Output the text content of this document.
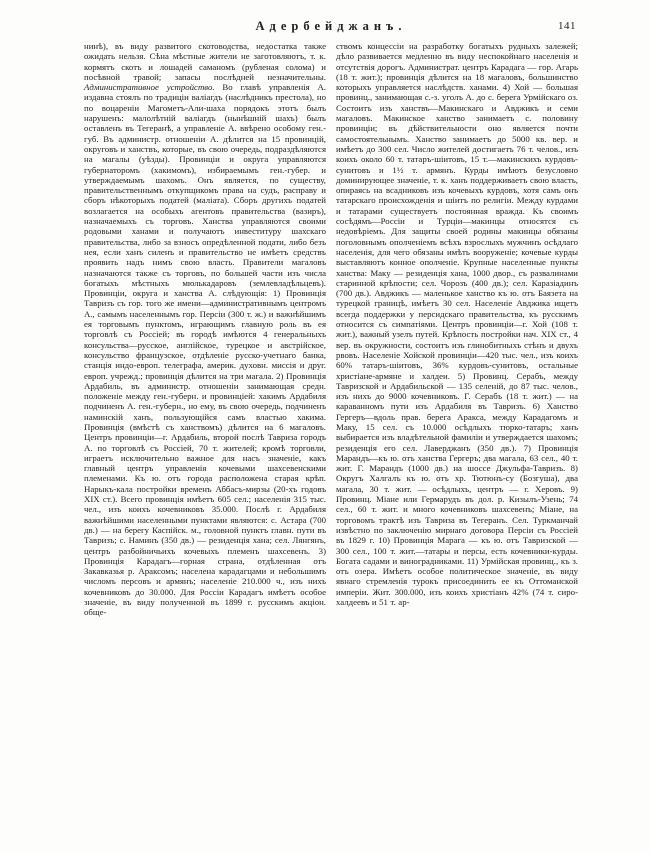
Адербейджанъ.	141
нинѣ), въ виду развитого скотоводства, недостатка также ожидать нельзя. Сѣна мѣстные жители не заготовляютъ, т. к. кормятъ скотъ и лошадей саманомъ (рубленая солома) и посѣвной травой; запасы послѣдней незначительны. Административное устройство. Во главѣ управленія А. издавна стоялъ по традиціи валіагдъ (наслѣдникъ престола), но по воцареніи Магометъ-Али-шаха порядокъ этотъ былъ нарушенъ: малолѣтній валіагдъ (нынѣшній шахъ) былъ оставленъ въ Тегеранѣ, а управленіе А. ввѣрено особому ген.-губ. Въ администр. отношеніи А. дѣлится на 15 провинцій, округовъ и ханствъ, которые, въ свою очередь, подраздѣляются на магалы (уѣзды). Провинціи и округа управляются губернаторомъ (хакимомъ), избираемымъ ген.-губер. и утверждаемымъ шахомъ. Онъ является, по существу, правительственнымъ откупщикомъ права на судъ, расправу и сборъ нѣкоторыхъ податей (маліата). Сборъ другихъ податей возлагается на особыхъ агентовъ правительства (вазиръ), назначаемыхъ съ торговъ. Ханства управляются своими родовыми ханами и получаютъ инвеституру шахскаго правительства, либо за взносъ опредѣленной подати, либо безъ нея, если ханъ силенъ и правительство не имѣетъ средствъ проявить надъ нимъ свою власть. Правители магаловъ назначаются также съ торговъ, по большей части изъ числа богатыхъ мѣстныхъ мюлькадаровъ (землевладѣльцевъ). Провинціи, округа и ханства А. слѣдующія: 1) Провинція Тавризъ съ гор. того же имени—административнымъ центромъ А., самымъ населеннымъ гор. Персіи (300 т. ж.) и важнѣйшимъ ея торговымъ пунктомъ, играющимъ главную роль въ ея торговлѣ съ Россіей; въ городѣ имѣются 4 генеральныхъ консульства—русское, англійское, турецкое и австрійское, консульство французское, отдѣленіе русско-учетнаго банка, станція индо-европ. телеграфа, америк. духовн. миссія и друг. европ. учрежд.; провинція дѣлится на три магала. 2) Провинція Ардабиль, въ администр. отношеніи занимающая средн. положеніе между ген.-губерн. и провинціей: хакимъ Ардабиля подчиненъ А. ген.-губерн., но ему, въ свою очередь, подчиненъ наминскій ханъ, пользующійся самъ властью хакима. Провинція (вмѣстѣ съ ханствомъ) дѣлится на 6 магаловъ. Центръ провинціи—г. Ардабиль, второй послѣ Тавриза городъ А. по торговлѣ съ Россіей, 70 т. жителей; кромѣ торговли, играетъ исключительно важное для насъ значеніе, какъ главный центръ управленія кочевыми шахсевенскими племенами. Къ ю. отъ города расположена старая крѣп. Нарыкъ-кала постройки временъ Аббасъ-мирзы (20-хъ годовъ XIX ст.). Всего провинція имѣетъ 605 сел.; населенія 315 тыс. чел., изъ коихъ кочевниковъ 35.000. Послѣ г. Ардабиля важнѣйшими населенными пунктами являются: с. Астара (700 дв.) — на берегу Каспійск. м., головной пунктъ главн. пути въ Тавризъ; с. Наминъ (350 дв.) — резиденція хана; сел. Лянгянъ, центръ разбойничьихъ кочевыхъ племенъ шахсевенъ. 3) Провинція Карадагъ—горная страна, отдѣленная отъ Закавказья р. Араксомъ; населена карадагцами и небольшимъ числомъ персовъ и армянъ; населеніе 210.000 ч., изъ нихъ кочевниковъ до 30.000. Для Россіи Карадагъ имѣетъ особое значеніе, въ виду полученной въ 1899 г. русскимъ акціон. обще-
ствомъ концессіи на разработку богатыхъ рудныхъ залежей; дѣло развивается медленно въ виду неспокойнаго населенія и отсутствія дорогъ. Администрат. центръ Карадага — гор. Агарь (18 т. жит.); провинція дѣлится на 18 магаловъ, большинство которыхъ управляется наслѣдств. ханами. 4) Хой — большая провинц., занимающая с.-з. уголъ А. до с. берега Урмійскаго оз. Состоитъ изъ ханствъ—Макинскаго и Авджикъ и семи магаловъ. Макинское ханство занимаетъ с. половину провинціи; въ дѣйствительности оно является почти самостоятельнымъ. Ханство занимаетъ до 5000 кв. вер. и имѣетъ до 300 сел. Число жителей достигаетъ 76 т. челов., изъ коихъ около 60 т. татаръ-шіитовъ, 15 т.—макинскихъ курдовъ-сунитовъ и 1½ т. армянъ. Курды имѣютъ безусловно доминирующее значеніе, т. к. ханъ поддерживаетъ свою власть, опираясь на всадниковъ изъ кочевыхъ курдовъ, хотя самъ онъ татарскаго происхожденія и шіитъ по религіи. Между курдами и татарами существуетъ постоянная вражда. Къ своимъ сосѣдямъ—Россіи и Турціи—макинцы относятся съ недовѣріемъ. Для защиты своей родины макинцы обязаны поголовнымъ ополченіемъ всѣхъ взрослыхъ мужчинъ осѣдлаго населенія, для чего обязаны имѣть вооруженіе; кочевые курды выставляютъ конное ополченіе. Крупные населенные пункты ханства: Маку — резиденція хана, 1000 двор., съ развалинами старинной крѣпости; сел. Чорозъ (400 дв.); сел. Каразіадинъ (700 дв.). Авджикъ — маленькое ханство къ ю. отъ Баязета на турецкой границѣ, имѣетъ 30 сел. Населеніе Авджика ищетъ всегда поддержки у персидскаго правительства, къ русскимъ относится съ симпатіями. Центръ провинціи—г. Хой (108 т. жит.), важный узелъ путей. Крѣпость постройки нач. XIX ст., 4 вер. въ окружности, состоитъ изъ глинобитныхъ стѣнъ и двухъ рвовъ. Населеніе Хойской провинціи—420 тыс. чел., изъ коихъ 60% татаръ-шіитовъ, 36% курдовъ-сунитовъ, остальные христіане-армяне и халдеи. 5) Провинц. Серабъ, между Тавризской и Ардабильской — 135 селеній, до 87 тыс. челов., изъ нихъ до 9000 кочевниковъ. Г. Серабъ (18 т. жит.) — на караванномъ пути изъ Ардабиля въ Тавризъ. 6) Ханство Гергеръ—вдоль прав. берега Аракса, между Карадагомъ и Маку, 15 сел. съ 10.000 осѣдлыхъ тюрко-татаръ; ханъ выбирается изъ владѣтельной фамиліи и утверждается шахомъ; резиденція его сел. Лаверджанъ (350 дв.). 7) Провинція Марандъ—къ ю. отъ ханства Гергеръ; два магала, 63 сел., 40 т. жит. Г. Марандъ (1000 дв.) на шоссе Джульфа-Тавризъ. 8) Округъ Халгалъ къ ю. отъ хр. Тютюнъ-су (Бозгуша), два магала, 30 т. жит. — осѣдлыхъ, центръ — г. Херовъ. 9) Провинц. Міане или Гермарудъ въ дол. р. Кизылъ-Узень; 74 сел., 60 т. жит. и много кочевниковъ шахсевенъ; Міане, на торговомъ трактѣ изъ Тавриза въ Тегеранъ. Сел. Туркманчай извѣстно по заключенію мирнаго договора Персіи съ Россіей въ 1829 г. 10) Провинція Марага — къ ю. отъ Тавризской — 300 сел., 100 т. жит.—татары и персы, есть кочевники-курды. Богата садами и виноградниками. 11) Урмійская провинц., къ з. отъ озера. Имѣетъ особое политическое значеніе, въ виду явнаго стремленія турокъ присоединить ее къ Оттоманской имперіи. Жит. 300.000, изъ коихъ христіанъ 42% (74 т. сиро-халдеевъ и 51 т. ар-
